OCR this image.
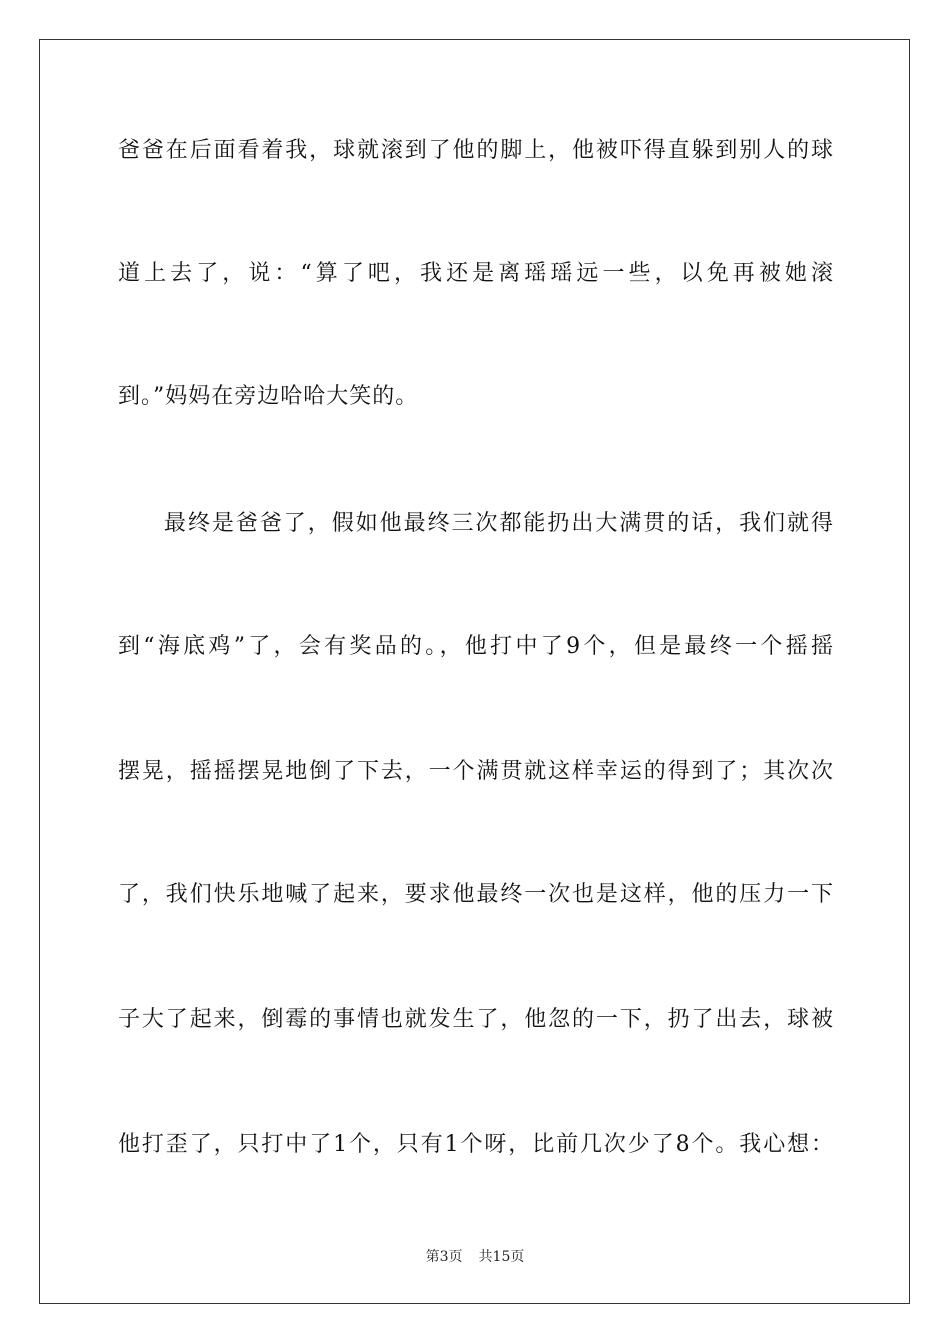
爸爸在后面看着我，球就滚到了他的脚上，他被吓得直躲到别人的球
道上去了，说：“算了吧，我还是离瑶瑶远一些，以免再被她滚
到。”妈妈在旁边哈哈大笑的。
最终是爸爸了，假如他最终三次都能扔出大满贯的话，我们就得
到“海底鸡”了，会有奖品的。，他打中了9个，但是最终一个摇摇
摆晃，摇摇摆晃地倒了下去，一个满贯就这样幸运的得到了；其次次
了，我们快乐地喊了起来，要求他最终一次也是这样，他的压力一下
子大了起来，倒霉的事情也就发生了，他忽的一下，扔了出去，球被
他打歪了，只打中了1个，只有1个呀，比前几次少了8个。我心想：
第3页 共15页
